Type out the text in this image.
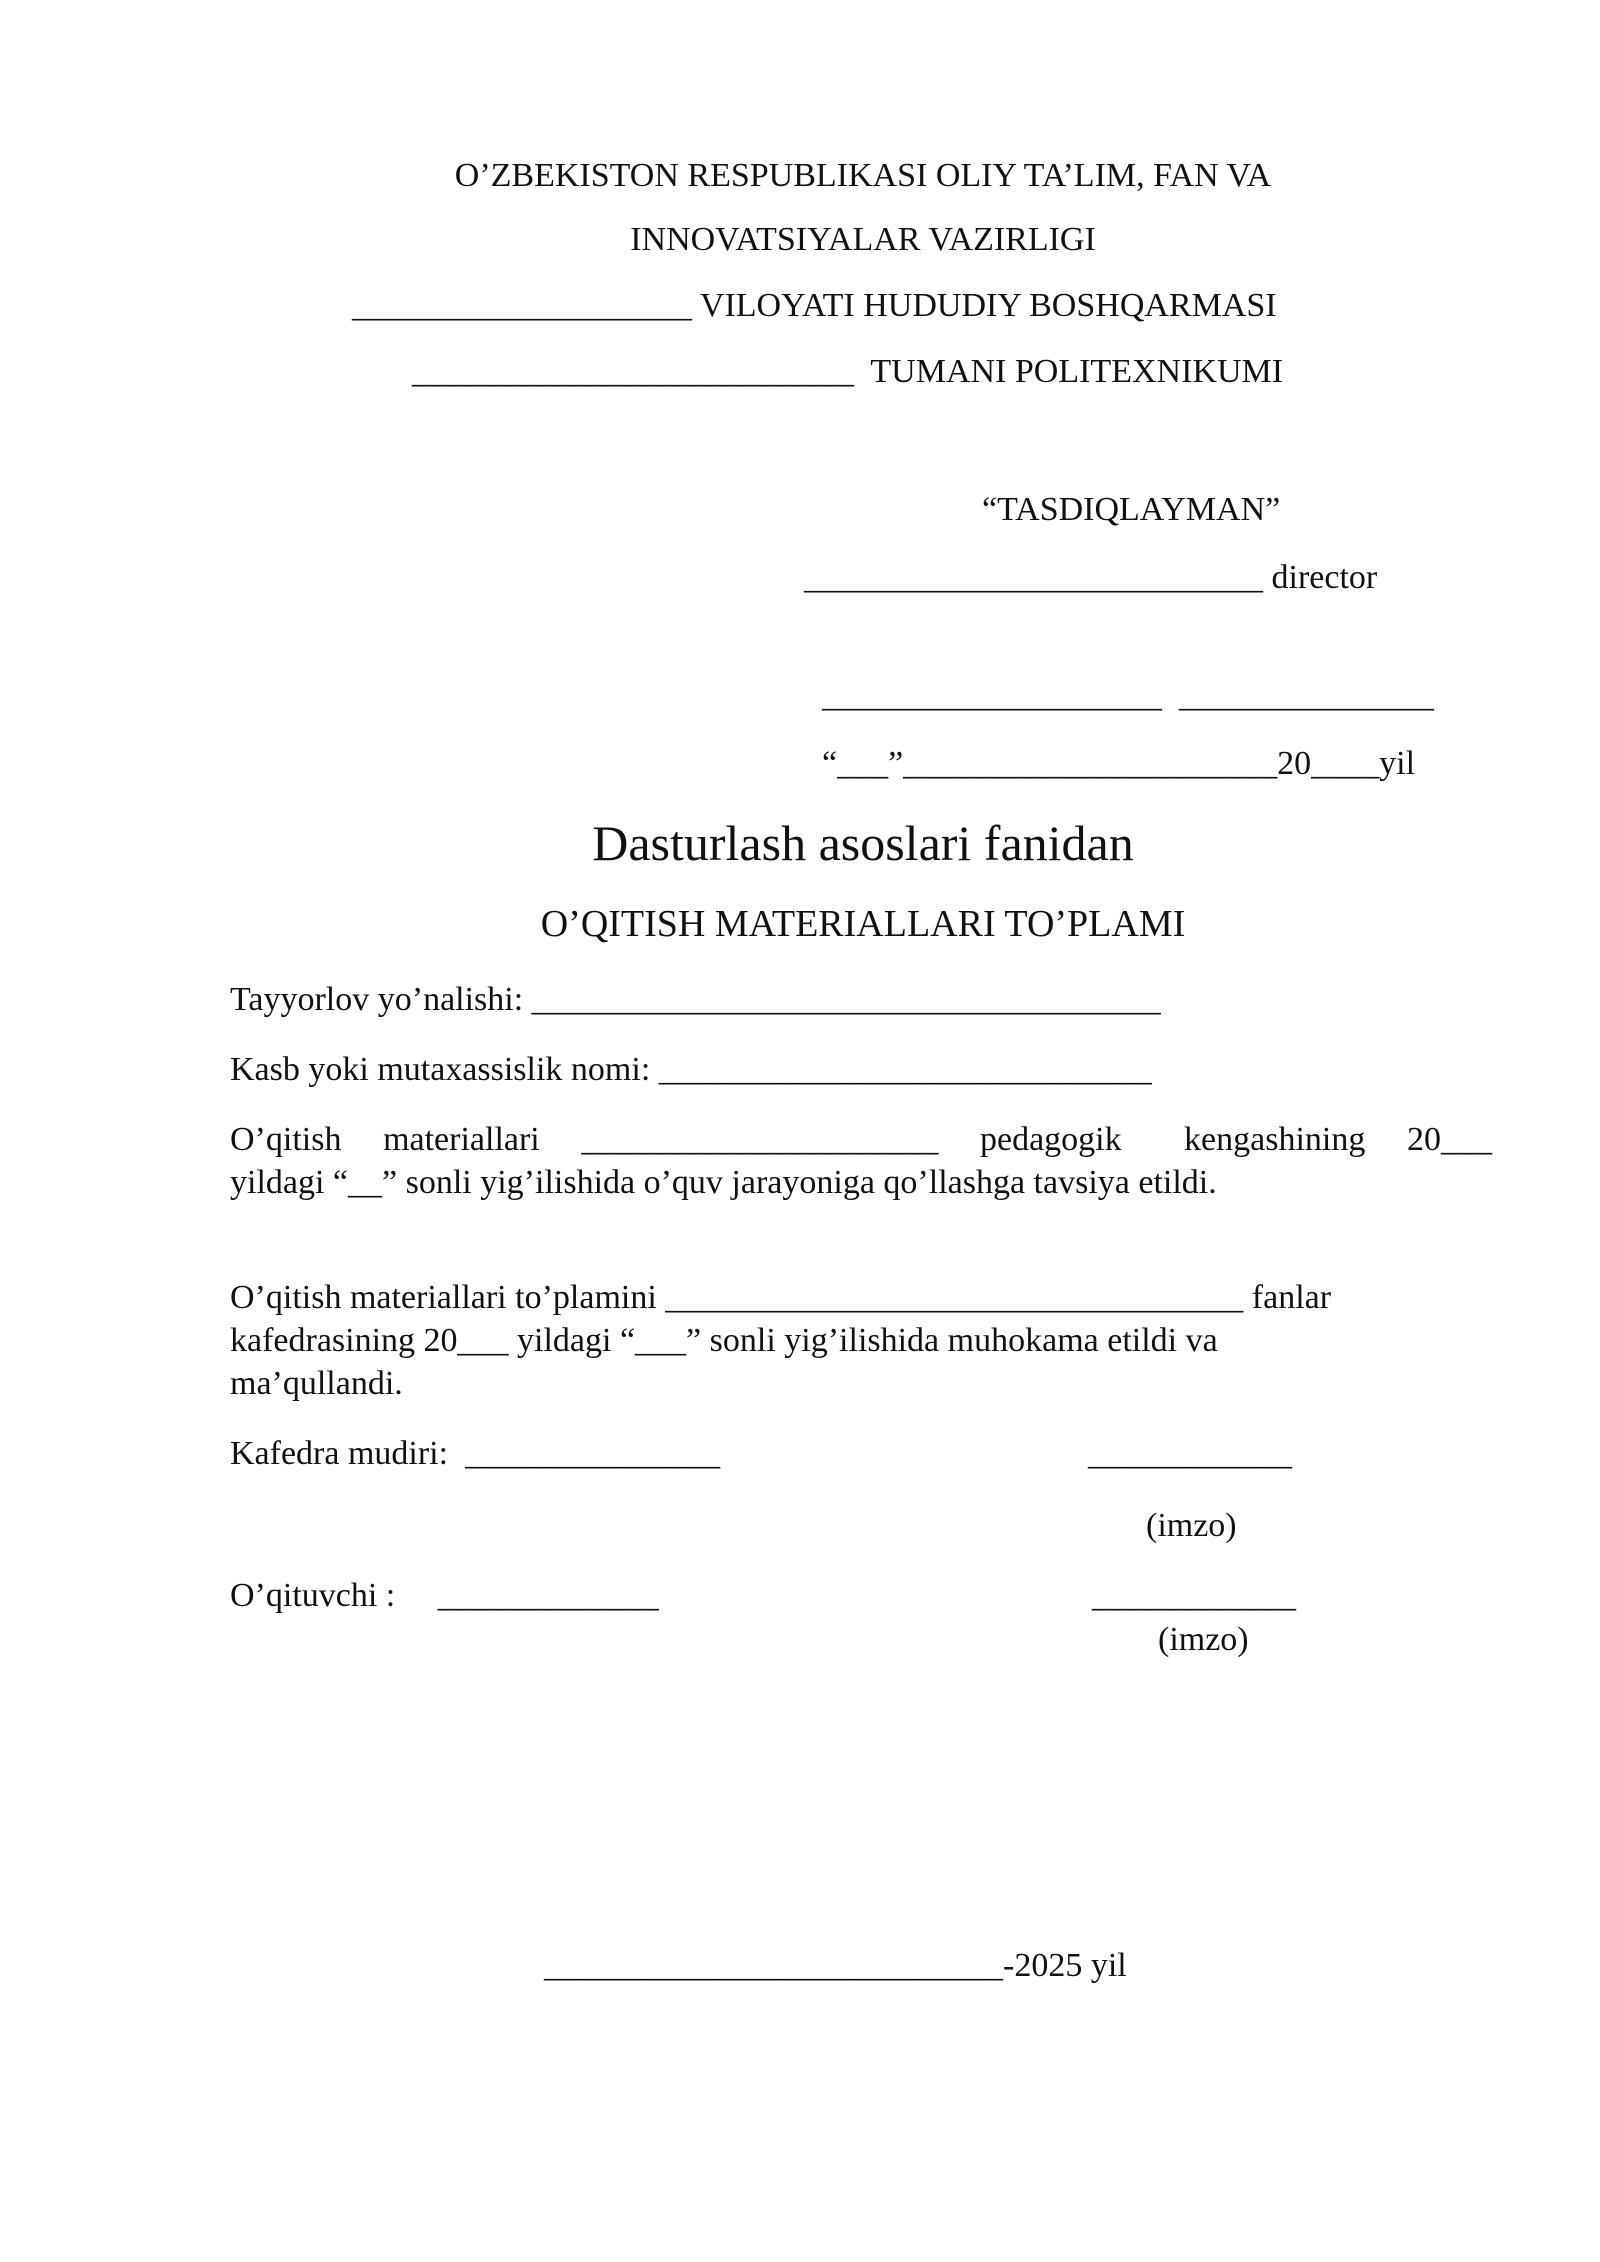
O’ZBEKISTON RESPUBLIKASI OLIY TA’LIM, FAN VA

INNOVATSIYALAR VAZIRLIGI

____________________ VILOYATI HUDUDIY BOSHQARMASI

__________________________  TUMANI POLITEXNIKUMI

“TASDIQLAYMAN”

___________________________ director

____________________  _______________

“___”______________________20____yil

Dasturlash asoslari fanidan

O’QITISH MATERIALLARI TO’PLAMI

Tayyorlov yo’nalishi: _____________________________________

Kasb yoki mutaxassislik nomi: _____________________________

O’qitish  materiallari  _____________________  pedagogik   kengashining  20___
yildagi “__” sonli yig’ilishida o’quv jarayoniga qo’llashga tavsiya etildi.
O’qitish materiallari to’plamini __________________________________ fanlar
kafedrasining 20___ yildagi “___” sonli yig’ilishida muhokama etildi va
ma’qullandi.

Kafedra mudiri:  _______________	____________

(imzo)

O’qituvchi :     _____________	____________

(imzo)

___________________________-2025 yil
